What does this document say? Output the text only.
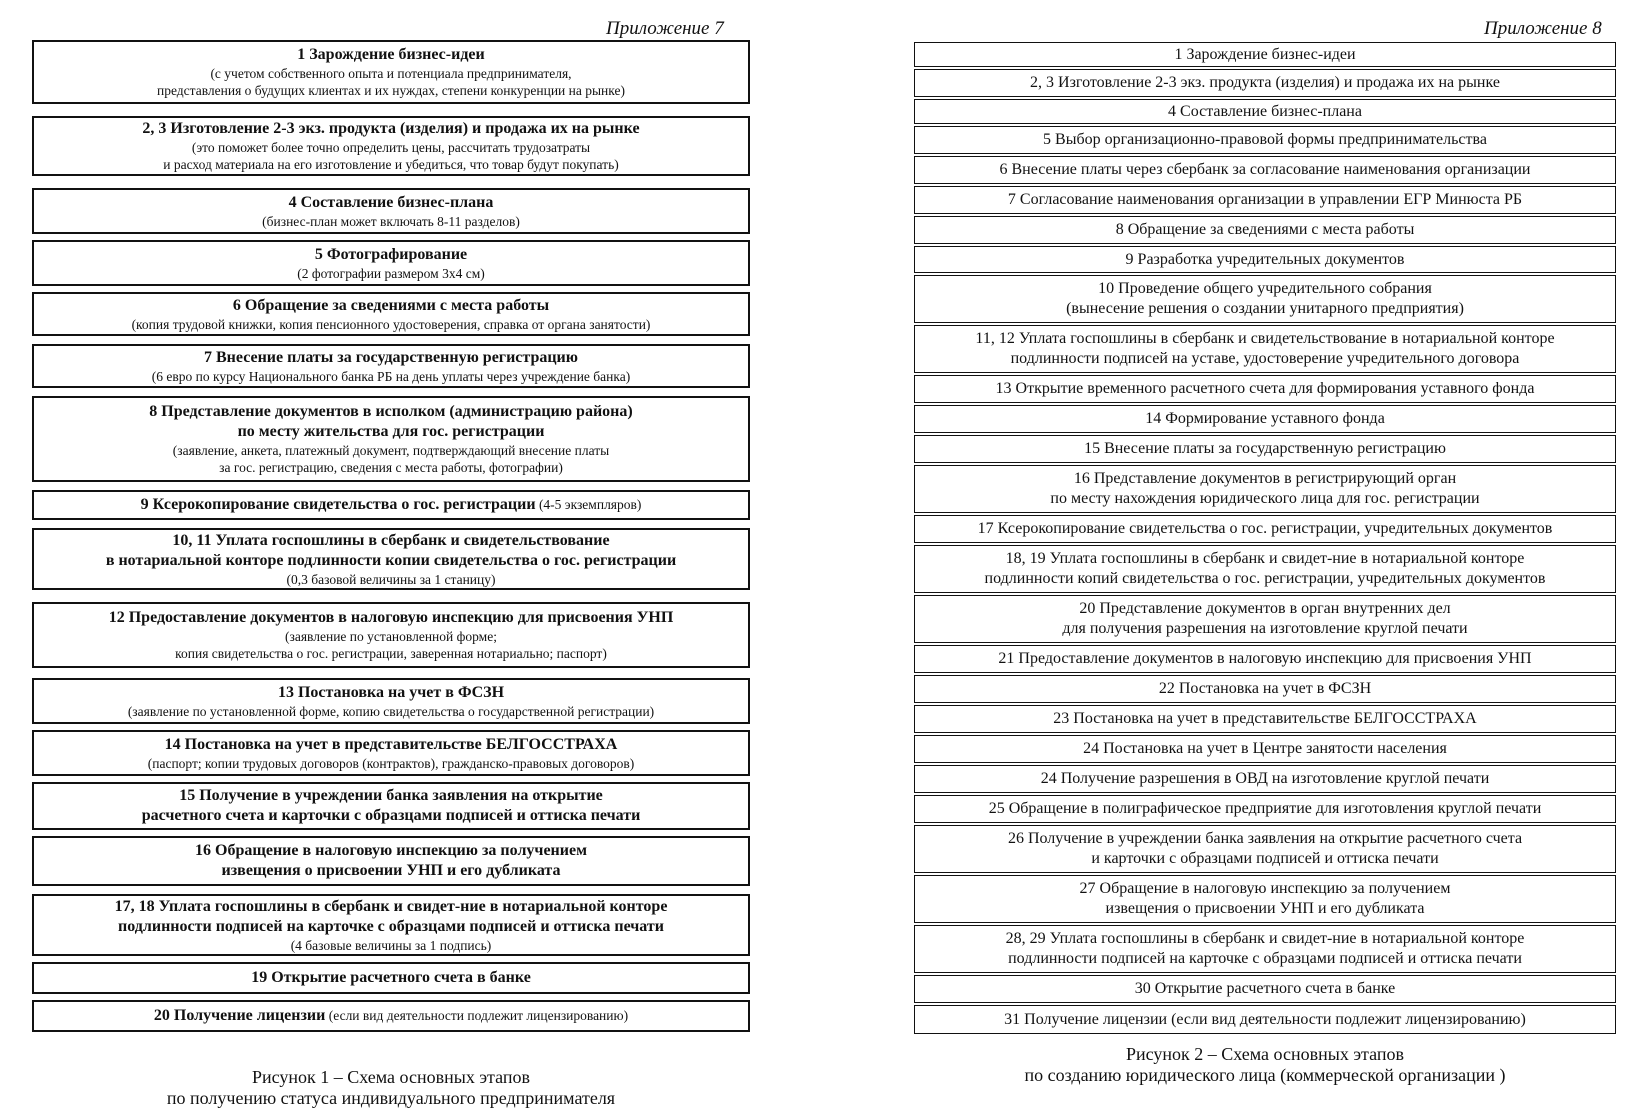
Приложение 7	Приложение 8
1 Зарождение бизнес-идеи
(с учетом собственного опыта и потенциала предпринимателя,
представления о будущих клиентах и их нуждах, степени конкуренции на рынке)
2, 3 Изготовление 2-3 экз. продукта (изделия) и продажа их на рынке
(это поможет более точно определить цены, рассчитать трудозатраты
и расход материала на его изготовление и убедиться, что товар будут покупать)
4 Составление бизнес-плана
(бизнес-план может включать 8-11 разделов)
5 Фотографирование
(2 фотографии размером 3х4 см)
6 Обращение за сведениями с места работы
(копия трудовой книжки, копия пенсионного удостоверения, справка от органа занятости)
7 Внесение платы за государственную регистрацию
(6 евро по курсу Национального банка РБ на день уплаты через учреждение банка)
8 Представление документов в исполком (администрацию района)
по месту жительства для гос. регистрации
(заявление, анкета, платежный документ, подтверждающий внесение платы
за гос. регистрацию, сведения с места работы, фотографии)
9 Ксерокопирование свидетельства о гос. регистрации (4-5 экземпляров)
10, 11 Уплата госпошлины в сбербанк и свидетельствование
в нотариальной конторе подлинности копии свидетельства о гос. регистрации
(0,3 базовой величины за 1 станицу)
12 Предоставление документов в налоговую инспекцию для присвоения УНП
(заявление по установленной форме;
копия свидетельства о гос. регистрации, заверенная нотариально; паспорт)
13 Постановка на учет в ФСЗН
(заявление по установленной форме, копию свидетельства о государственной регистрации)
14 Постановка на учет в представительстве БЕЛГОССТРАХА
(паспорт; копии трудовых договоров (контрактов), гражданско-правовых договоров)
15 Получение в учреждении банка заявления на открытие
расчетного счета и карточки с образцами подписей и оттиска печати
16 Обращение в налоговую инспекцию за получением
извещения о присвоении УНП и его дубликата
17, 18 Уплата госпошлины в сбербанк и свидет-ние в нотариальной конторе
подлинности подписей на карточке с образцами подписей и оттиска печати
(4 базовые величины за 1 подпись)
19 Открытие расчетного счета в банке
20 Получение лицензии (если вид деятельности подлежит лицензированию)
1 Зарождение бизнес-идеи
2, 3 Изготовление 2-3 экз. продукта (изделия) и продажа их на рынке
4 Составление бизнес-плана
5 Выбор организационно-правовой формы предпринимательства
6 Внесение платы через сбербанк за согласование наименования организации
7 Согласование наименования организации в управлении ЕГР Минюста РБ
8 Обращение за сведениями с места работы
9 Разработка учредительных документов
10 Проведение общего учредительного собрания
(вынесение решения о создании унитарного предприятия)
11, 12 Уплата госпошлины в сбербанк и свидетельствование в нотариальной конторе
подлинности подписей на уставе, удостоверение учредительного договора
13 Открытие временного расчетного счета для формирования уставного фонда
14 Формирование уставного фонда
15 Внесение платы за государственную регистрацию
16 Представление документов в регистрирующий орган
по месту нахождения юридического лица для гос. регистрации
17 Ксерокопирование свидетельства о гос. регистрации, учредительных документов
18, 19 Уплата госпошлины в сбербанк и свидет-ние в нотариальной конторе
подлинности копий свидетельства о гос. регистрации, учредительных документов
20 Представление документов в орган внутренних дел
для получения разрешения на изготовление круглой печати
21 Предоставление документов в налоговую инспекцию для присвоения УНП
22 Постановка на учет в ФСЗН
23 Постановка на учет в представительстве БЕЛГОССТРАХА
24 Постановка на учет в Центре занятости населения
24 Получение разрешения в ОВД на изготовление круглой печати
25 Обращение в полиграфическое предприятие для изготовления круглой печати
26 Получение в учреждении банка заявления на открытие расчетного счета
и карточки с образцами подписей и оттиска печати
27 Обращение в налоговую инспекцию за получением
извещения о присвоении УНП и его дубликата
28, 29 Уплата госпошлины в сбербанк и свидет-ние в нотариальной конторе
подлинности подписей на карточке с образцами подписей и оттиска печати
30 Открытие расчетного счета в банке
31 Получение лицензии (если вид деятельности подлежит лицензированию)
Рисунок 1 – Схема основных этапов
по получению статуса индивидуального предпринимателя
Рисунок 2 – Схема основных этапов
по созданию юридического лица (коммерческой организации )
